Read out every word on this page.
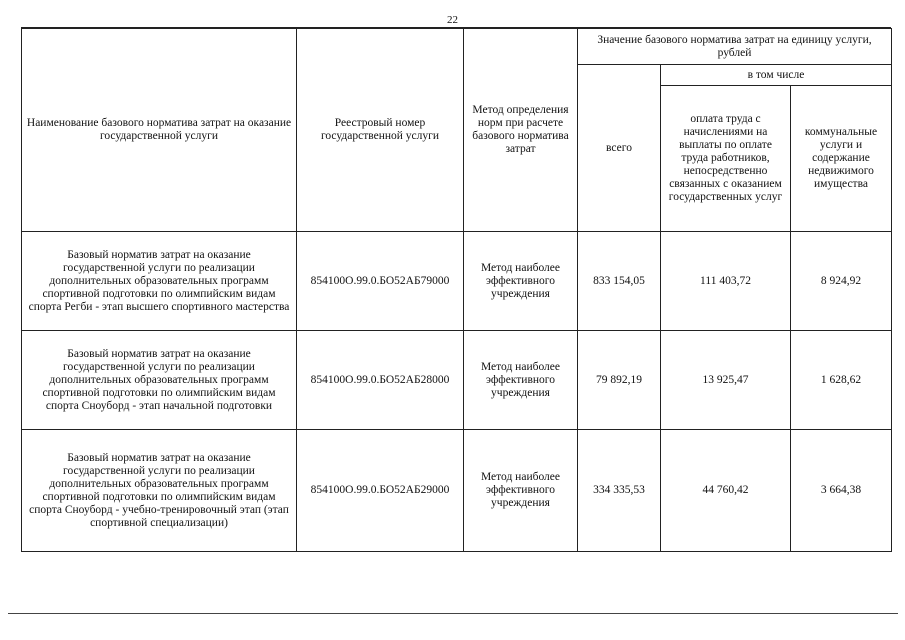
22
Наименование базового норматива затрат на оказание государственной услуги	Реестровый номер государственной услуги	Метод определения норм при расчете базового норматива затрат	Значение базового норматива затрат на единицу услуги, рублей		
			всего	в том числе	
				оплата труда с начислениями на выплаты по оплате труда работников, непосредственно связанных с оказанием государственных услуг	коммунальные услуги и содержание недвижимого имущества
Базовый норматив затрат на оказание государственной услуги по реализации дополнительных образовательных программ спортивной подготовки по олимпийским видам спорта Регби - этап высшего спортивного мастерства	854100О.99.0.БО52АБ79000	Метод наиболее эффективного учреждения	833 154,05	111 403,72	8 924,92
Базовый норматив затрат на оказание государственной услуги по реализации дополнительных образовательных программ спортивной подготовки по олимпийским видам спорта Сноуборд - этап начальной подготовки	854100О.99.0.БО52АБ28000	Метод наиболее эффективного учреждения	79 892,19	13 925,47	1 628,62
Базовый норматив затрат на оказание государственной услуги по реализации дополнительных образовательных программ спортивной подготовки по олимпийским видам спорта Сноуборд - учебно-тренировочный этап (этап спортивной специализации)	854100О.99.0.БО52АБ29000	Метод наиболее эффективного учреждения	334 335,53	44 760,42	3 664,38
